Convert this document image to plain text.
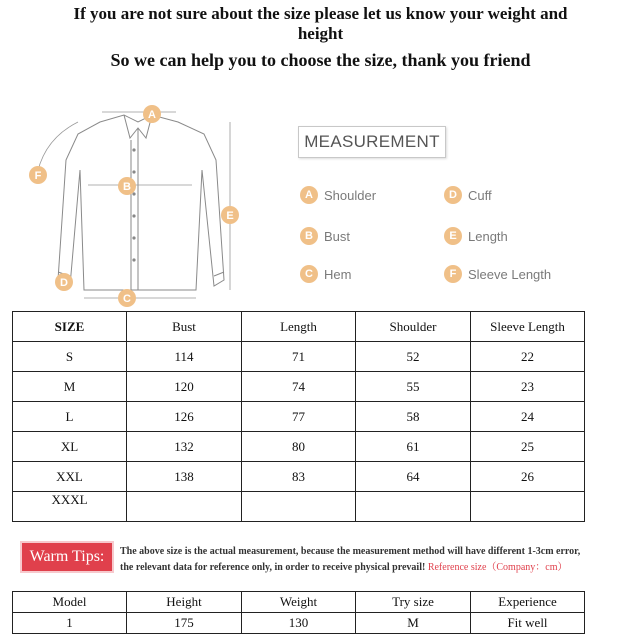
If you are not sure about the size please let us know your weight and
height
So we can help you to choose the size, thank you friend
A
B
C
D
E
F
MEASUREMENT
A Shoulder	D Cuff
B Bust	E Length
C Hem	F Sleeve Length
SIZE	Bust	Length	Shoulder	Sleeve Length
S	114	71	52	22
M	120	74	55	23
L	126	77	58	24
XL	132	80	61	25
XXL	138	83	64	26
XXXL				
Warm Tips:	The above size is the actual measurement, because the measurement method will have different 1-3cm error,
the relevant data for reference only, in order to receive physical prevail! Reference size（Company：cm）
Model	Height	Weight	Try size	Experience
1	175	130	M	Fit well
